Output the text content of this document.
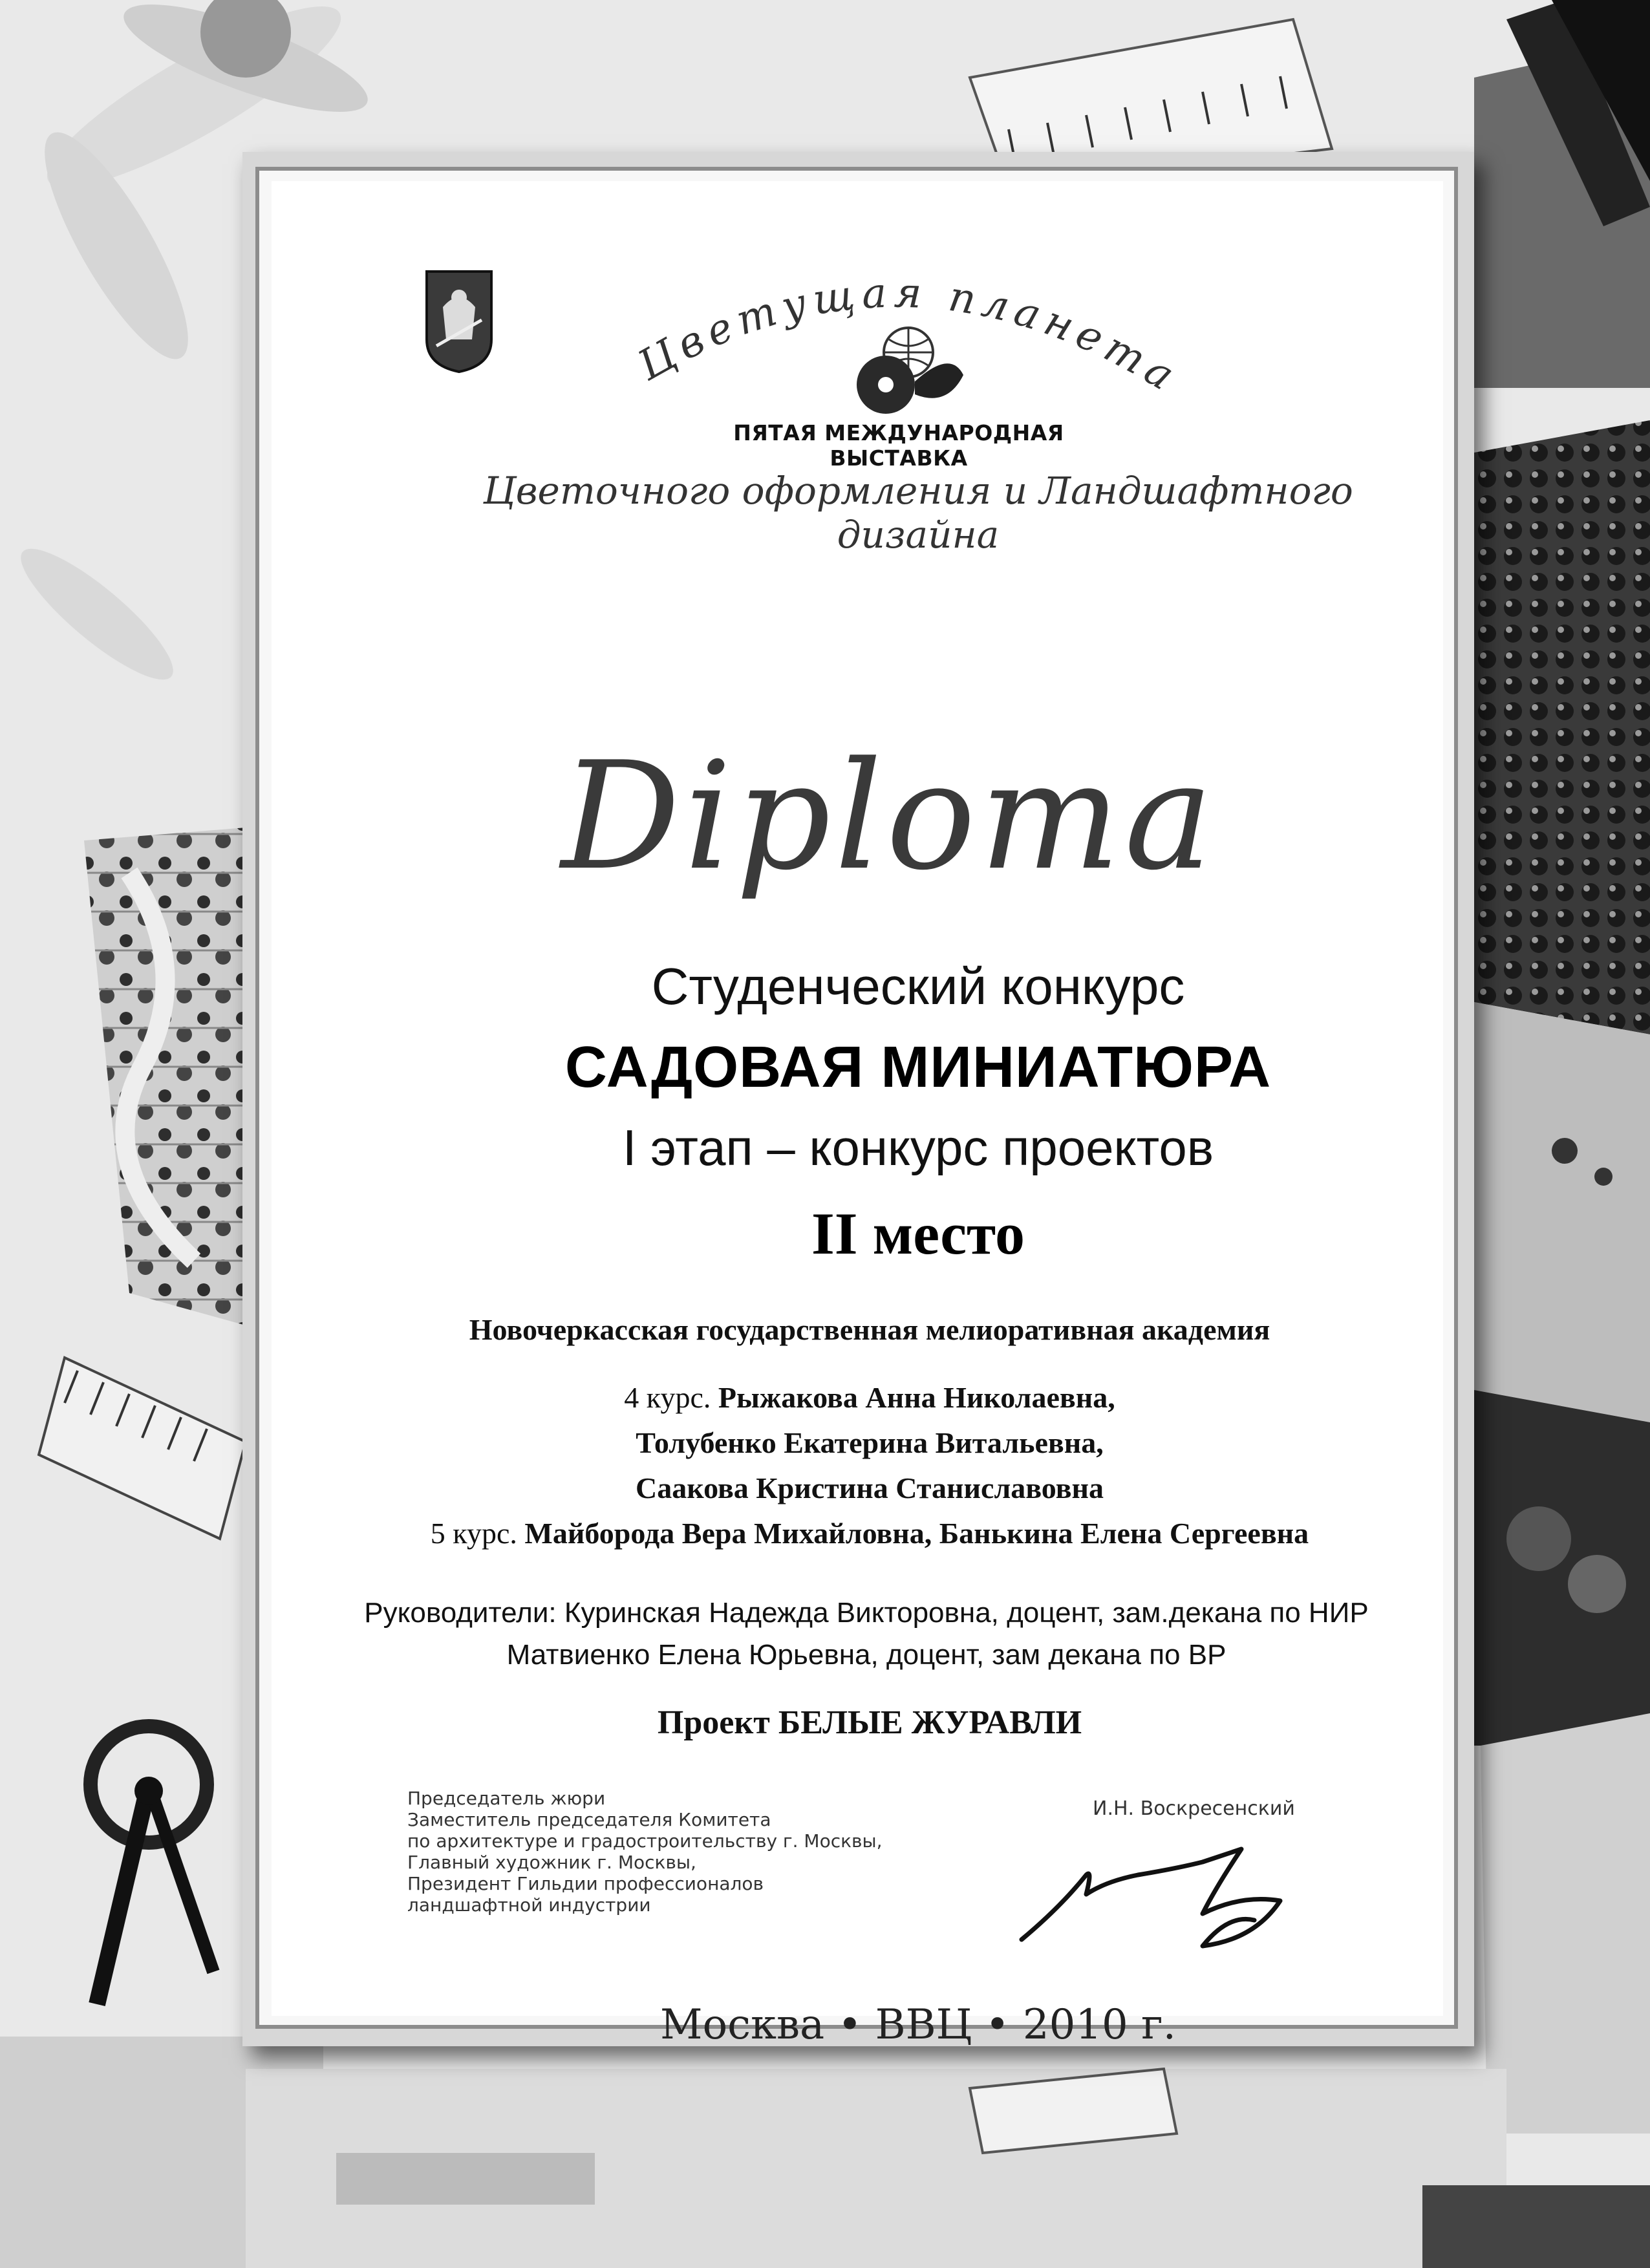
Цветущая планета
ПЯТАЯ МЕЖДУНАРОДНАЯ ВЫСТАВКА
Цветочного оформления и Ландшафтного дизайна
Diploma
Студенческий конкурс
САДОВАЯ МИНИАТЮРА
I этап – конкурс проектов
II место
Новочеркасская государственная мелиоративная академия
4 курс. Рыжакова Анна Николаевна,
Толубенко Екатерина Витальевна,
Саакова Кристина Станиславовна
5 курс. Майборода Вера Михайловна, Банькина Елена Сергеевна
Руководители: Куринская Надежда Викторовна, доцент, зам.декана по НИР
Матвиенко Елена Юрьевна, доцент, зам декана по ВР
Проект БЕЛЫЕ ЖУРАВЛИ
Председатель жюри
Заместитель председателя Комитета
по архитектуре и градостроительству г. Москвы,
Главный художник г. Москвы,
Президент Гильдии профессионалов
ландшафтной индустрии
И.Н. Воскресенский
Москва • ВВЦ • 2010 г.
